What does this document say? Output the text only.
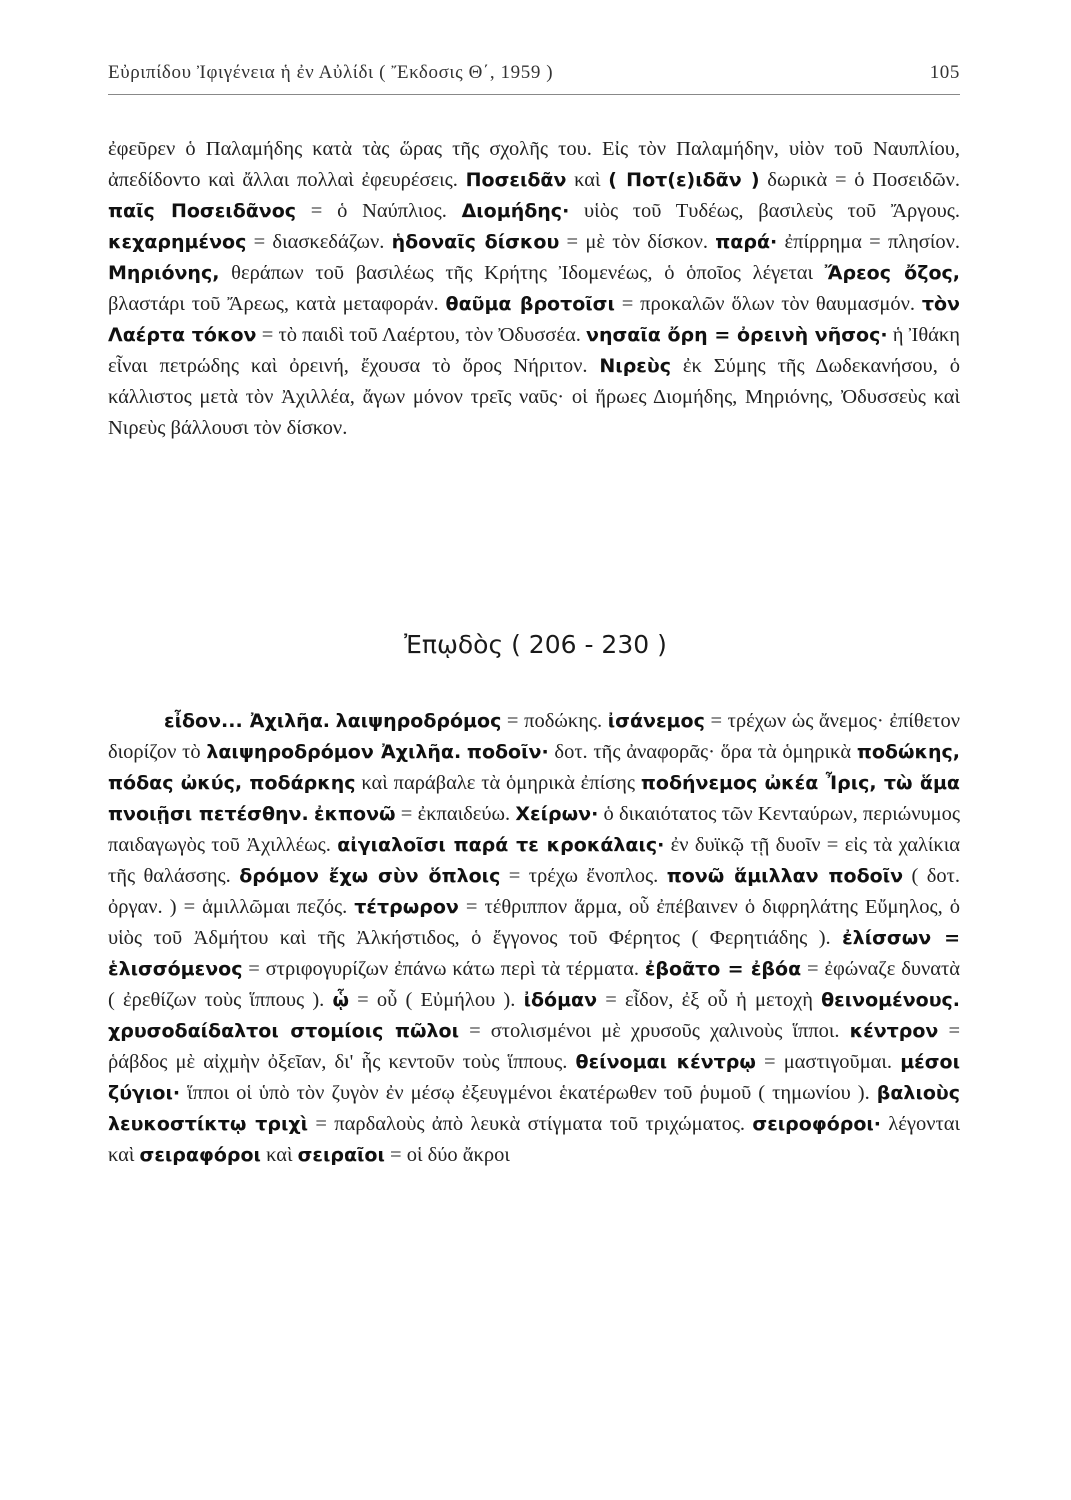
Εὐριπίδου Ἰφιγένεια ἡ ἐν Αὐλίδι ( Ἔκδοσις Θ΄, 1959 )	105
ἐφεῦρεν ὁ Παλαμήδης κατὰ τὰς ὥρας τῆς σχολῆς του. Εἰς τὸν Παλαμήδην, υἱὸν τοῦ Ναυπλίου, ἀπεδίδοντο καὶ ἄλλαι πολλαὶ ἐφευρέσεις. Ποσειδᾶν καὶ ( Ποτ(ε)ιδᾶν ) δωρικὰ = ὁ Ποσειδῶν. παῖς Ποσειδᾶνος = ὁ Ναύπλιος. Διομήδης· υἱὸς τοῦ Τυδέως, βασιλεὺς τοῦ Ἄργους. κεχαρημένος = διασκεδάζων. ἡδοναῖς δίσκου = μὲ τὸν δίσκον. παρά· ἐπίρρημα = πλησίον. Μηριόνης, θεράπων τοῦ βασιλέως τῆς Κρήτης Ἰδομενέως, ὁ ὁποῖος λέγεται Ἄρεος ὄζος, βλαστάρι τοῦ Ἄρεως, κατὰ μεταφοράν. θαῦμα βροτοῖσι = προκαλῶν ὅλων τὸν θαυμασμόν. τὸν Λαέρτα τόκον = τὸ παιδὶ τοῦ Λαέρτου, τὸν Ὀδυσσέα. νησαῖα ὄρη = ὀρεινὴ νῆσος· ἡ Ἰθάκη εἶναι πετρώδης καὶ ὀρεινή, ἔχουσα τὸ ὄρος Νήριτον. Νιρεὺς ἐκ Σύμης τῆς Δωδεκανήσου, ὁ κάλλιστος μετὰ τὸν Ἀχιλλέα, ἄγων μόνον τρεῖς ναῦς· οἱ ἥρωες Διομήδης, Μηριόνης, Ὀδυσσεὺς καὶ Νιρεὺς βάλλουσι τὸν δίσκον.
Ἐπῳδὸς ( 206 - 230 )
εἶδον... Ἀχιλῆα. λαιψηροδρόμος = ποδώκης. ἰσάνεμος = τρέχων ὡς ἄνεμος· ἐπίθετον διορίζον τὸ λαιψηροδρόμον Ἀχιλῆα. ποδοῖν· δοτ. τῆς ἀναφορᾶς· ὅρα τὰ ὁμηρικὰ ποδώκης, πόδας ὠκύς, ποδάρκης καὶ παράβαλε τὰ ὁμηρικὰ ἐπίσης ποδήνεμος ὠκέα Ἶρις, τὼ ἅμα πνοιῇσι πετέσθην. ἐκπονῶ = ἐκπαιδεύω. Χείρων· ὁ δικαιότατος τῶν Κενταύρων, περιώνυμος παιδαγωγὸς τοῦ Ἀχιλλέως. αἰγιαλοῖσι παρά τε κροκάλαις· ἐν δυϊκῷ τῇ δυοῖν = εἰς τὰ χαλίκια τῆς θαλάσσης. δρόμον ἔχω σὺν ὅπλοις = τρέχω ἔνοπλος. πονῶ ἅμιλλαν ποδοῖν ( δοτ. ὀργαν. ) = ἁμιλλῶμαι πεζός. τέτρωρον = τέθριππον ἅρμα, οὗ ἐπέβαινεν ὁ διφρηλάτης Εὔμηλος, ὁ υἱὸς τοῦ Ἀδμήτου καὶ τῆς Ἀλκήστιδος, ὁ ἔγγονος τοῦ Φέρητος ( Φερητιάδης ). ἐλίσσων = ἑλισσόμενος = στριφογυρίζων ἐπάνω κάτω περὶ τὰ τέρματα. ἐβοᾶτο = ἐβόα = ἐφώναζε δυνατὰ ( ἐρεθίζων τοὺς ἵππους ). ᾧ = οὗ ( Εὐμήλου ). ἰδόμαν = εἶδον, ἐξ οὗ ἡ μετοχὴ θεινομένους. χρυσοδαίδαλτοι στομίοις πῶλοι = στολισμένοι μὲ χρυσοῦς χαλινοὺς ἵπποι. κέντρον = ῥάβδος μὲ αἰχμὴν ὀξεῖαν, δι' ἧς κεντοῦν τοὺς ἵππους. θείνομαι κέντρῳ = μαστιγοῦμαι. μέσοι ζύγιοι· ἵπποι οἱ ὑπὸ τὸν ζυγὸν ἐν μέσῳ ἐξευγμένοι ἑκατέρωθεν τοῦ ῥυμοῦ ( τημωνίου ). βαλιοὺς λευκοστίκτῳ τριχὶ = παρδαλοὺς ἀπὸ λευκὰ στίγματα τοῦ τριχώματος. σειροφόροι· λέγονται καὶ σειραφόροι καὶ σειραῖοι = οἱ δύο ἄκροι
